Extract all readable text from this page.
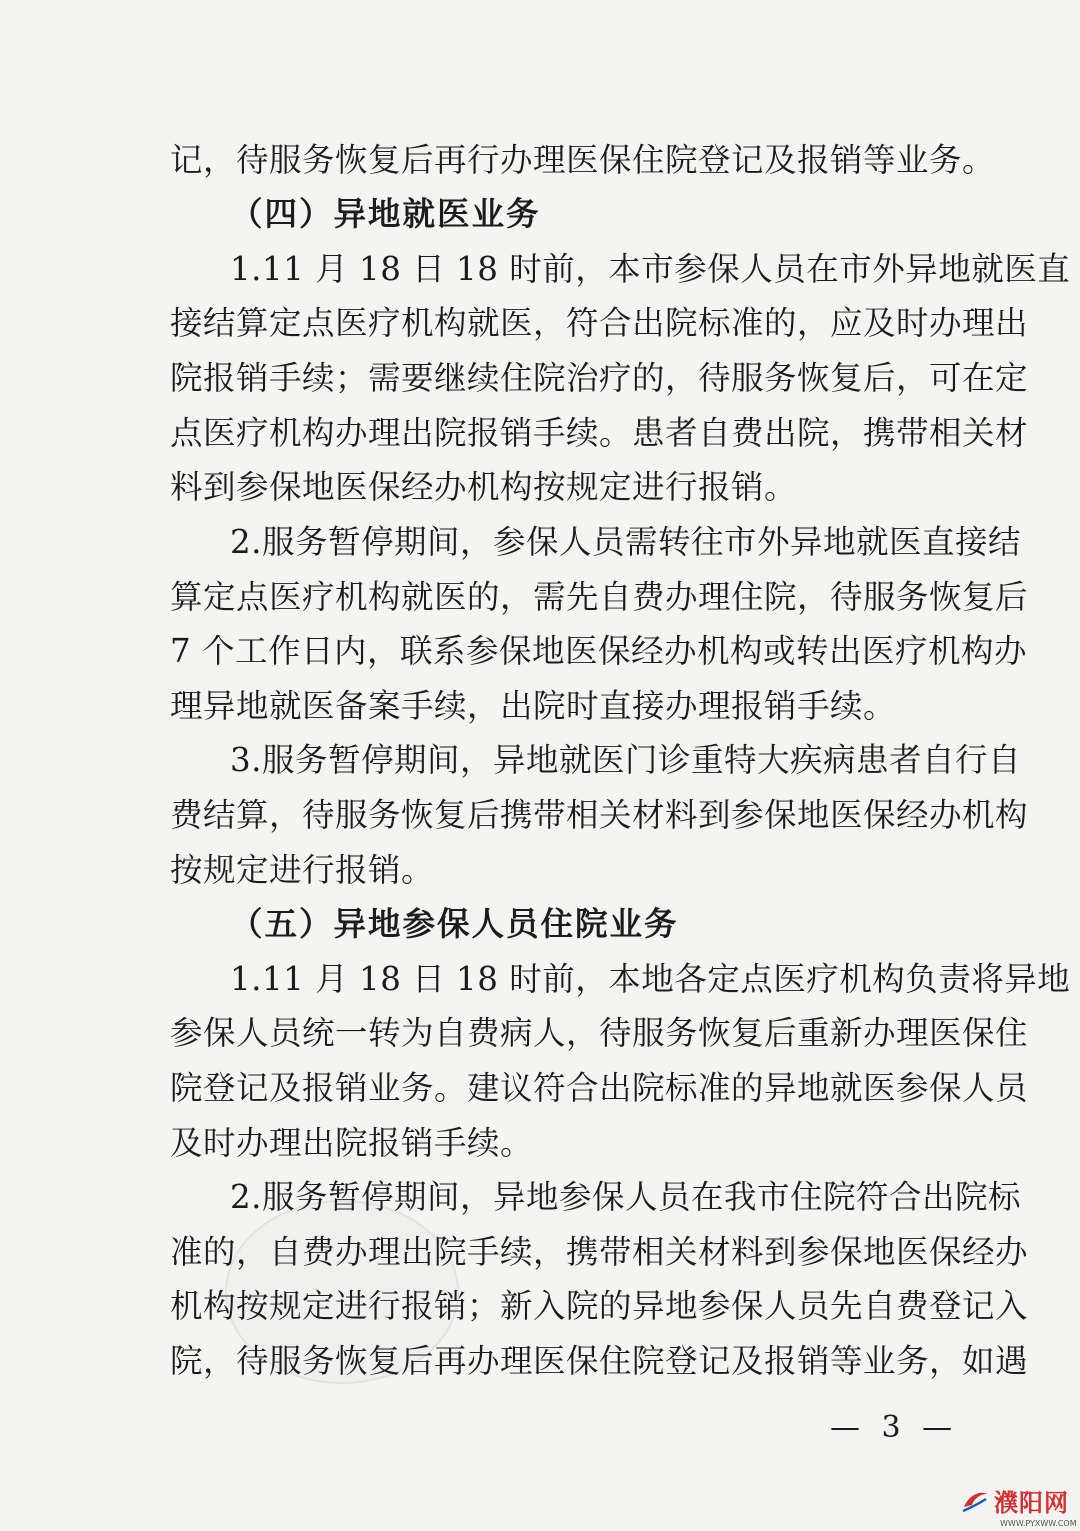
记，待服务恢复后再行办理医保住院登记及报销等业务。
（四）异地就医业务
1.11 月 18 日 18 时前，本市参保人员在市外异地就医直
接结算定点医疗机构就医，符合出院标准的，应及时办理出
院报销手续；需要继续住院治疗的，待服务恢复后，可在定
点医疗机构办理出院报销手续。患者自费出院，携带相关材
料到参保地医保经办机构按规定进行报销。
2.服务暂停期间，参保人员需转往市外异地就医直接结
算定点医疗机构就医的，需先自费办理住院，待服务恢复后
7 个工作日内，联系参保地医保经办机构或转出医疗机构办
理异地就医备案手续，出院时直接办理报销手续。
3.服务暂停期间，异地就医门诊重特大疾病患者自行自
费结算，待服务恢复后携带相关材料到参保地医保经办机构
按规定进行报销。
（五）异地参保人员住院业务
1.11 月 18 日 18 时前，本地各定点医疗机构负责将异地
参保人员统一转为自费病人，待服务恢复后重新办理医保住
院登记及报销业务。建议符合出院标准的异地就医参保人员
及时办理出院报销手续。
2.服务暂停期间，异地参保人员在我市住院符合出院标
准的，自费办理出院手续，携带相关材料到参保地医保经办
机构按规定进行报销；新入院的异地参保人员先自费登记入
院，待服务恢复后再办理医保住院登记及报销等业务，如遇
— 3 —
濮阳网
WWW.PYXWW.COM
